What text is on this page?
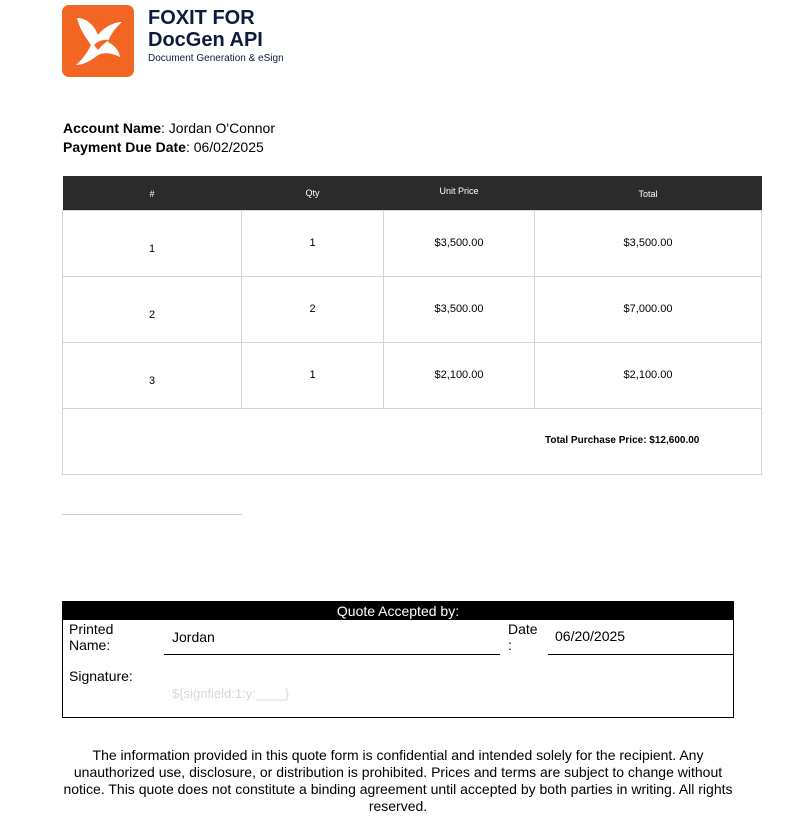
FOXIT FOR
DocGen API
Document Generation & eSign
Account Name: Jordan O'Connor
Payment Due Date: 06/02/2025
#	Qty	Unit Price	Total

1	1	$3,500.00	$3,500.00

2	2	$3,500.00	$7,000.00

3	1	$2,100.00	$2,100.00

Total Purchase Price: $12,600.00			
Quote Accepted by:
Printed
Name:	Jordan	Date
:
06/20/2025
Signature:
${signfield:1:y:____}
The information provided in this quote form is confidential and intended solely for the recipient. Any unauthorized use, disclosure, or distribution is prohibited. Prices and terms are subject to change without notice. This quote does not constitute a binding agreement until accepted by both parties in writing. All rights reserved.
